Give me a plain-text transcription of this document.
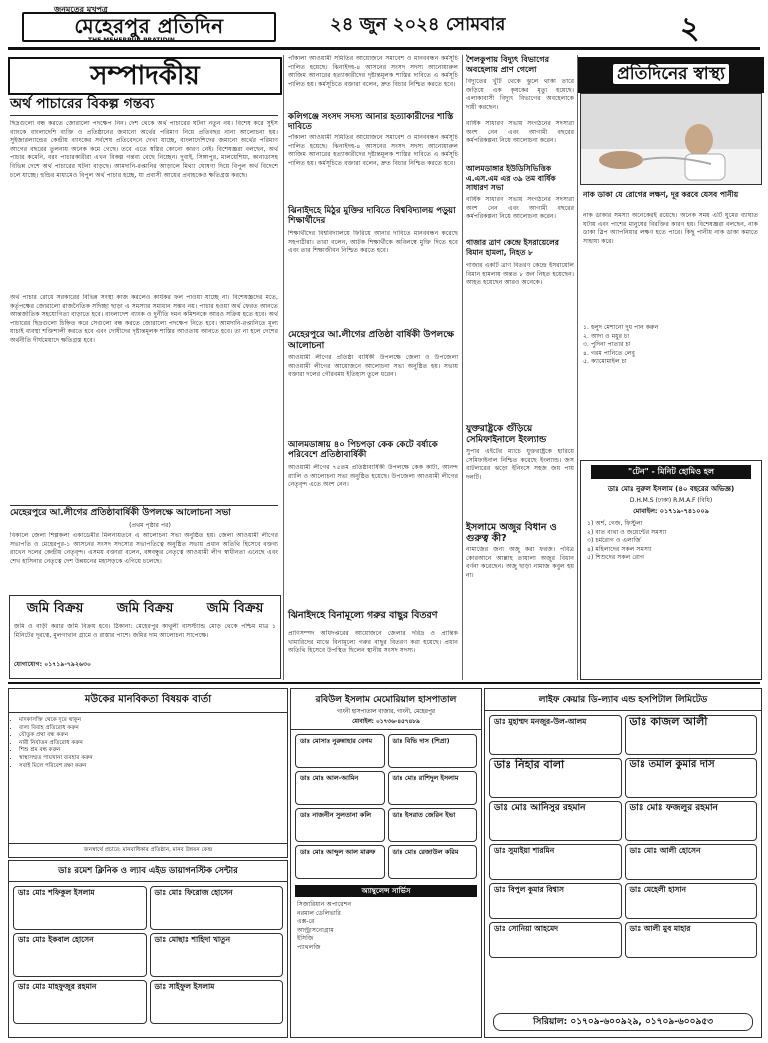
জনমতের মুখপত্র
মেহেরপুর প্রতিদিন
THE MEHERPUR PRATIDIN
২৪ জুন ২০২৪ সোমবার	২
সম্পাদকীয়
অর্থ পাচারের বিকল্প গন্তব্য
ছিদ্রগুলো বন্ধ করতে জোরালো পদক্ষেপ নিন। দেশ থেকে অর্থ পাচারের ঘটনা নতুন নয়। বিশেষ করে সুইস ব্যাংকে বাংলাদেশি ব্যক্তি ও প্রতিষ্ঠানের জমানো অর্থের পরিমাণ নিয়ে প্রতিবছর নানা আলোচনা হয়। সুইজারল্যান্ডের কেন্দ্রীয় ব্যাংকের সর্বশেষ প্রতিবেদনে দেখা যাচ্ছে, বাংলাদেশিদের জমানো অর্থের পরিমাণ আগের বছরের তুলনায় অনেক কমে গেছে। তবে এতে স্বস্তির কোনো কারণ নেই। বিশেষজ্ঞরা বলছেন, অর্থ পাচার কমেনি, বরং পাচারকারীরা এখন বিকল্প গন্তব্য বেছে নিচ্ছেন। দুবাই, সিঙ্গাপুর, মালয়েশিয়া, কানাডাসহ বিভিন্ন দেশে অর্থ পাচারের ঘটনা বাড়ছে। আমদানি-রপ্তানির আড়ালে মিথ্যা ঘোষণা দিয়ে বিপুল অর্থ বিদেশে চলে যাচ্ছে। হুন্ডির মাধ্যমেও বিপুল অর্থ পাচার হচ্ছে, যা প্রবাসী আয়ের প্রবাহকেও ক্ষতিগ্রস্ত করছে।
অর্থ পাচার রোধে সরকারের বিভিন্ন সংস্থা কাজ করলেও কার্যকর ফল পাওয়া যাচ্ছে না। বিশেষজ্ঞদের মতে, কর্তৃপক্ষের জোরালো রাজনৈতিক সদিচ্ছা ছাড়া এ সমস্যার সমাধান সম্ভব নয়। পাচার হওয়া অর্থ ফেরত আনতে আন্তর্জাতিক সহযোগিতা বাড়াতে হবে। বাংলাদেশ ব্যাংক ও দুর্নীতি দমন কমিশনকে আরও সক্রিয় হতে হবে। অর্থ পাচারের ছিদ্রগুলো চিহ্নিত করে সেগুলো বন্ধ করতে জোরালো পদক্ষেপ নিতে হবে। আমদানি-রপ্তানিতে মূল্য যাচাই ব্যবস্থা শক্তিশালী করতে হবে এবং দোষীদের দৃষ্টান্তমূলক শাস্তির আওতায় আনতে হবে। তা না হলে দেশের অর্থনীতি দীর্ঘমেয়াদে ক্ষতিগ্রস্ত হবে।
মেহেরপুরে আ.লীগের প্রতিষ্ঠাবার্ষিকী উপলক্ষে আলোচনা সভা
(প্রথম পৃষ্ঠার পর)
বিকালে জেলা শিল্পকলা একাডেমীর মিলনায়তনে এ আলোচনা সভা অনুষ্ঠিত হয়। জেলা আওয়ামী লীগের সভাপতি ও মেহেরপুর-১ আসনের সংসদ সদস্যের সভাপতিত্বে অনুষ্ঠিত সভায় প্রধান অতিথি হিসেবে বক্তব্য রাখেন দলের কেন্দ্রীয় নেতৃবৃন্দ। এসময় বক্তারা বলেন, বঙ্গবন্ধুর নেতৃত্বে আওয়ামী লীগ স্বাধীনতা এনেছে এবং শেখ হাসিনার নেতৃত্বে দেশ উন্নয়নের মহাসড়কে এগিয়ে চলেছে।
জমি বিক্রয়	জমি বিক্রয়	জমি বিক্রয়
জমি ও বাড়ী করার জমি বিক্রয় হবে। ঠিকানা: মেহেরপুর কাথুলী বাসস্ট্যান্ড মোড় থেকে পশ্চিম মাত্র ১ মিনিটের দূরত্বে, মুলগাথান গ্রামে ও রাস্তার পাশে। জমির দাম আলোচনা সাপেক্ষে।
যোগাযোগ: ০১৭১৯-৭৯২৬৩০
পাঁকালা আওয়ামী সমিতির আয়োজনে সমাবেশ ও মানববন্ধন কর্মসূচি পালিত হয়েছে। ঝিনাইদহ-৪ আসনের সংসদ সদস্য আনোয়ারুল আজিম আনারের হত্যাকারীদের দৃষ্টান্তমূলক শাস্তির দাবিতে এ কর্মসূচি পালিত হয়। কর্মসূচিতে বক্তারা বলেন, দ্রুত বিচার নিশ্চিত করতে হবে।
কলিগঞ্জে সংসদ সদস্য আনার হত্যাকারীদের শাস্তি দাবিতে
পাঁকালা আওয়ামী সমিতির আয়োজনে সমাবেশ ও মানববন্ধন কর্মসূচি পালিত হয়েছে। ঝিনাইদহ-৪ আসনের সংসদ সদস্য আনোয়ারুল আজিম আনারের হত্যাকারীদের দৃষ্টান্তমূলক শাস্তির দাবিতে এ কর্মসূচি পালিত হয়। কর্মসূচিতে বক্তারা বলেন, দ্রুত বিচার নিশ্চিত করতে হবে।
ঝিনাইদহে মিঠুর মুক্তির দাবিতে বিশ্ববিদ্যালয় পড়ুয়া শিক্ষার্থীদের
শিক্ষার্থীদের বিশ্ববিদ্যালয়ে ফিরিয়ে আনার দাবিতে মানববন্ধন করেছে সহপাঠীরা। তারা বলেন, আটক শিক্ষার্থীকে অবিলম্বে মুক্তি দিতে হবে এবং তার শিক্ষাজীবন নিশ্চিত করতে হবে।
মেহেরপুরে আ.লীগের প্রতিষ্ঠা বার্ষিকী উপলক্ষে আলোচনা
আওয়ামী লীগের প্রতিষ্ঠা বার্ষিকী উপলক্ষে জেলা ও উপজেলা আওয়ামী লীগের আয়োজনে আলোচনা সভা অনুষ্ঠিত হয়। সভায় বক্তারা দলের গৌরবময় ইতিহাস তুলে ধরেন।
আলমডাঙ্গায় ৪০ পিচপড়া কেক কেটে বর্ষাকে পরিবেশে প্রতিষ্ঠাবার্ষিকী
আওয়ামী লীগের ৭৫তম প্রতিষ্ঠাবার্ষিকী উপলক্ষে কেক কাটা, আনন্দ র‍্যালি ও আলোচনা সভা অনুষ্ঠিত হয়েছে। উপজেলা আওয়ামী লীগের নেতৃবৃন্দ এতে অংশ নেন।
ঝিনাইদহে বিনামূল্যে গরুর বাছুর বিতরণ
প্রাণিসম্পদ অধিদপ্তরের আয়োজনে জেলার দরিদ্র ও প্রান্তিক খামারিদের মাঝে বিনামূল্যে গরুর বাছুর বিতরণ করা হয়েছে। প্রধান অতিথি হিসেবে উপস্থিত ছিলেন স্থানীয় সংসদ সদস্য।
শৈলকুপায় বিদ্যুৎ বিভাগের অবহেলায় প্রাণ গেলো
বিদ্যুতের খুঁটি থেকে ঝুলে থাকা তারে জড়িয়ে এক কৃষকের মৃত্যু হয়েছে। এলাকাবাসী বিদ্যুৎ বিভাগের অবহেলাকে দায়ী করছেন।
বার্ষিক সাধারণ সভায় সংগঠনের সদস্যরা অংশ নেন এবং আগামী বছরের কর্মপরিকল্পনা নিয়ে আলোচনা করেন।
আলমডাঙ্গার ইউডিসিভিত্তিক এ.এস.এম এর ৩৯ তম বার্ষিক সাধারণ সভা
বার্ষিক সাধারণ সভায় সংগঠনের সদস্যরা অংশ নেন এবং আগামী বছরের কর্মপরিকল্পনা নিয়ে আলোচনা করেন।
গাজার ত্রাণ কেন্দ্রে ইসরায়েলের বিমান হামলা, নিহত ৮
গাজার একটি ত্রাণ বিতরণ কেন্দ্রে ইসরায়েলি বিমান হামলায় অন্তত ৮ জন নিহত হয়েছেন। আহত হয়েছেন আরও অনেকে।
যুক্তরাষ্ট্রকে গুঁড়িয়ে সেমিফাইনালে ইংল্যান্ড
সুপার এইটের ম্যাচে যুক্তরাষ্ট্রকে হারিয়ে সেমিফাইনাল নিশ্চিত করেছে ইংল্যান্ড। জস বাটলারের ঝড়ো ইনিংসে সহজ জয় পায় দলটি।
ইসলামে অজুর বিধান ও গুরুত্ব কী?
নামাজের জন্য অজু করা ফরজ। পবিত্র কোরআনে আল্লাহ তায়ালা অজুর বিধান বর্ণনা করেছেন। অজু ছাড়া নামাজ কবুল হয় না।
প্রতিদিনের স্বাস্থ্য
নাক ডাকা যে রোগের লক্ষণ, দূর করবে যেসব পানীয়
নাক ডাকার সমস্যা অনেকেরই রয়েছে। অনেক সময় এটি ঘুমের ব্যাঘাত ঘটায় এবং পাশের মানুষের বিরক্তির কারণ হয়। বিশেষজ্ঞরা বলছেন, নাক ডাকা স্লিপ অ্যাপনিয়ার লক্ষণ হতে পারে। কিছু পানীয় নাক ডাকা কমাতে সাহায্য করে।
১. হলুদ মেশানো দুধ পান করুন
২. আদা ও মধুর চা
৩. পুদিনা পাতার চা
৪. গরম পানিতে লেবু
৫. ক্যামোমাইল চা
"টেন" - মিনিট হোমিও হল
ডাঃ মোঃ নুরুল ইসলাম (৪০ বছরের অভিজ্ঞ)
D.H.M.S (ঢাকা) R.M.A.F (বিধি)
মোবাইল: ০১৭১৯-৭৪১০০৯
১) অর্শ, গেজ, ফিস্টুলা
২) বাত ব্যথা ও জয়েন্টের সমস্যা
৩) চর্মরোগ ও এলার্জি
৪) মহিলাদের সকল সমস্যা
৫) শিশুদের সকল রোগ
মউকের মানবিকতা বিষয়ক বার্তা
• মাদকাসক্তি থেকে দূরে থাকুন
• বাল্য বিবাহ প্রতিরোধ করুন
• যৌতুক প্রথা বন্ধ করুন
• নারী নির্যাতন প্রতিরোধ করুন
• শিশু শ্রম বন্ধ করুন
• স্বাস্থ্যসম্মত পায়খানা ব্যবহার করুন
• সবাই মিলে পরিবেশ রক্ষা করুন
জনস্বার্থে প্রচারে: মানবাধিকার প্রতিষ্ঠান, মানব উন্নয়ন কেন্দ্র
ডাঃ রমেশ ক্লিনিক ও ল্যাব এইড ডায়াগনস্টিক সেন্টার
ডাঃ মোঃ শফিকুল ইসলাম	ডাঃ মোঃ ফিরোজ হোসেন
ডাঃ মোঃ ইকবাল হোসেন	ডাঃ মোছাঃ শাহিদা খাতুন
ডাঃ মোঃ মাহফুজুর রহমান	ডাঃ সাইফুল ইসলাম
রবিউল ইসলাম মেমোরিয়াল হাসপাতাল
গাংনী হাসপাতাল বাজার, গাংনী, মেহেরপুর
মোবাইল: ০১৭৩৬-৪৫৭৪৮৯
ডাঃ মোসাঃ নুরুন্নাহার বেগম	ডাঃ বিভি দাস (শিপ্রা)
ডাঃ মোঃ আল-আমিন	ডাঃ মোঃ রাশিদুল ইসলাম
ডাঃ নাজনীন সুলতানা কলি	ডাঃ ইসরাত জেরিন ইভা
ডাঃ মোঃ আব্দুল আল মারুফ	ডাঃ মোঃ রেজাউল করিম
অ্যাম্বুলেন্স সার্ভিস
সিজারিয়ান অপারেশন
নরমাল ডেলিভারি
এক্স-রে
আল্ট্রাসনোগ্রাম
ইসিজি
প্যাথলজি
লাইফ কেয়ার ডি-ল্যাব এন্ড হসপিটাল লিমিটেড
ডাঃ মুহাম্মদ মনজুর-উল-আলম	ডাঃ কাজল আলী
ডাঃ নিহার বালা	ডাঃ তমাল কুমার দাস
ডাঃ মোঃ আনিসুর রহমান	ডাঃ মোঃ ফজলুর রহমান
ডাঃ সুমাইয়া শারমিন	ডাঃ মোঃ আলী হোসেন
ডাঃ বিপুল কুমার বিশ্বাস	ডাঃ মেহেলী হাসান
ডাঃ সোনিয়া আহমেদ	ডাঃ আলী মুব মাহার
সিরিয়াল: ০১৭০৯-৬০০৯২৯, ০১৭০৯-৬০০৯৫৩
